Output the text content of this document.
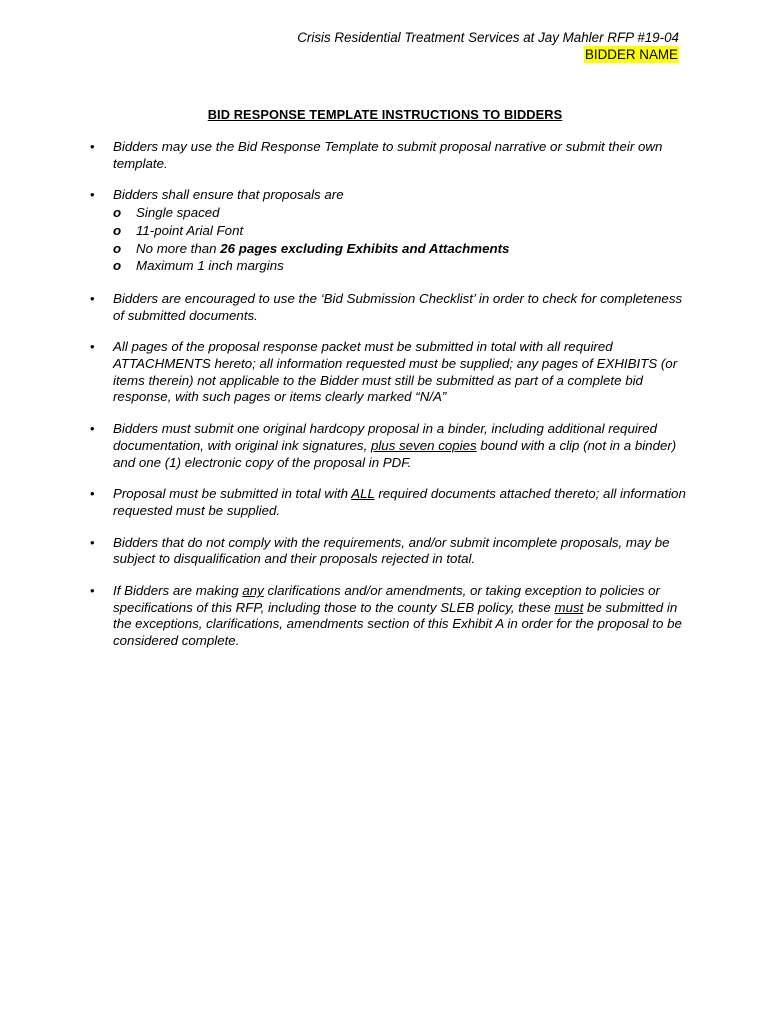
Crisis Residential Treatment Services at Jay Mahler RFP #19-04
BIDDER NAME
BID RESPONSE TEMPLATE INSTRUCTIONS TO BIDDERS
• Bidders may use the Bid Response Template to submit proposal narrative or submit their own template.
• Bidders shall ensure that proposals are
o Single spaced
o 11-point Arial Font
o No more than 26 pages excluding Exhibits and Attachments
o Maximum 1 inch margins
• Bidders are encouraged to use the ‘Bid Submission Checklist’ in order to check for completeness of submitted documents.
• All pages of the proposal response packet must be submitted in total with all required ATTACHMENTS hereto; all information requested must be supplied; any pages of EXHIBITS (or items therein) not applicable to the Bidder must still be submitted as part of a complete bid response, with such pages or items clearly marked “N/A”
• Bidders must submit one original hardcopy proposal in a binder, including additional required documentation, with original ink signatures, plus seven copies bound with a clip (not in a binder) and one (1) electronic copy of the proposal in PDF.
• Proposal must be submitted in total with ALL required documents attached thereto; all information requested must be supplied.
• Bidders that do not comply with the requirements, and/or submit incomplete proposals, may be subject to disqualification and their proposals rejected in total.
• If Bidders are making any clarifications and/or amendments, or taking exception to policies or specifications of this RFP, including those to the county SLEB policy, these must be submitted in the exceptions, clarifications, amendments section of this Exhibit A in order for the proposal to be considered complete.
